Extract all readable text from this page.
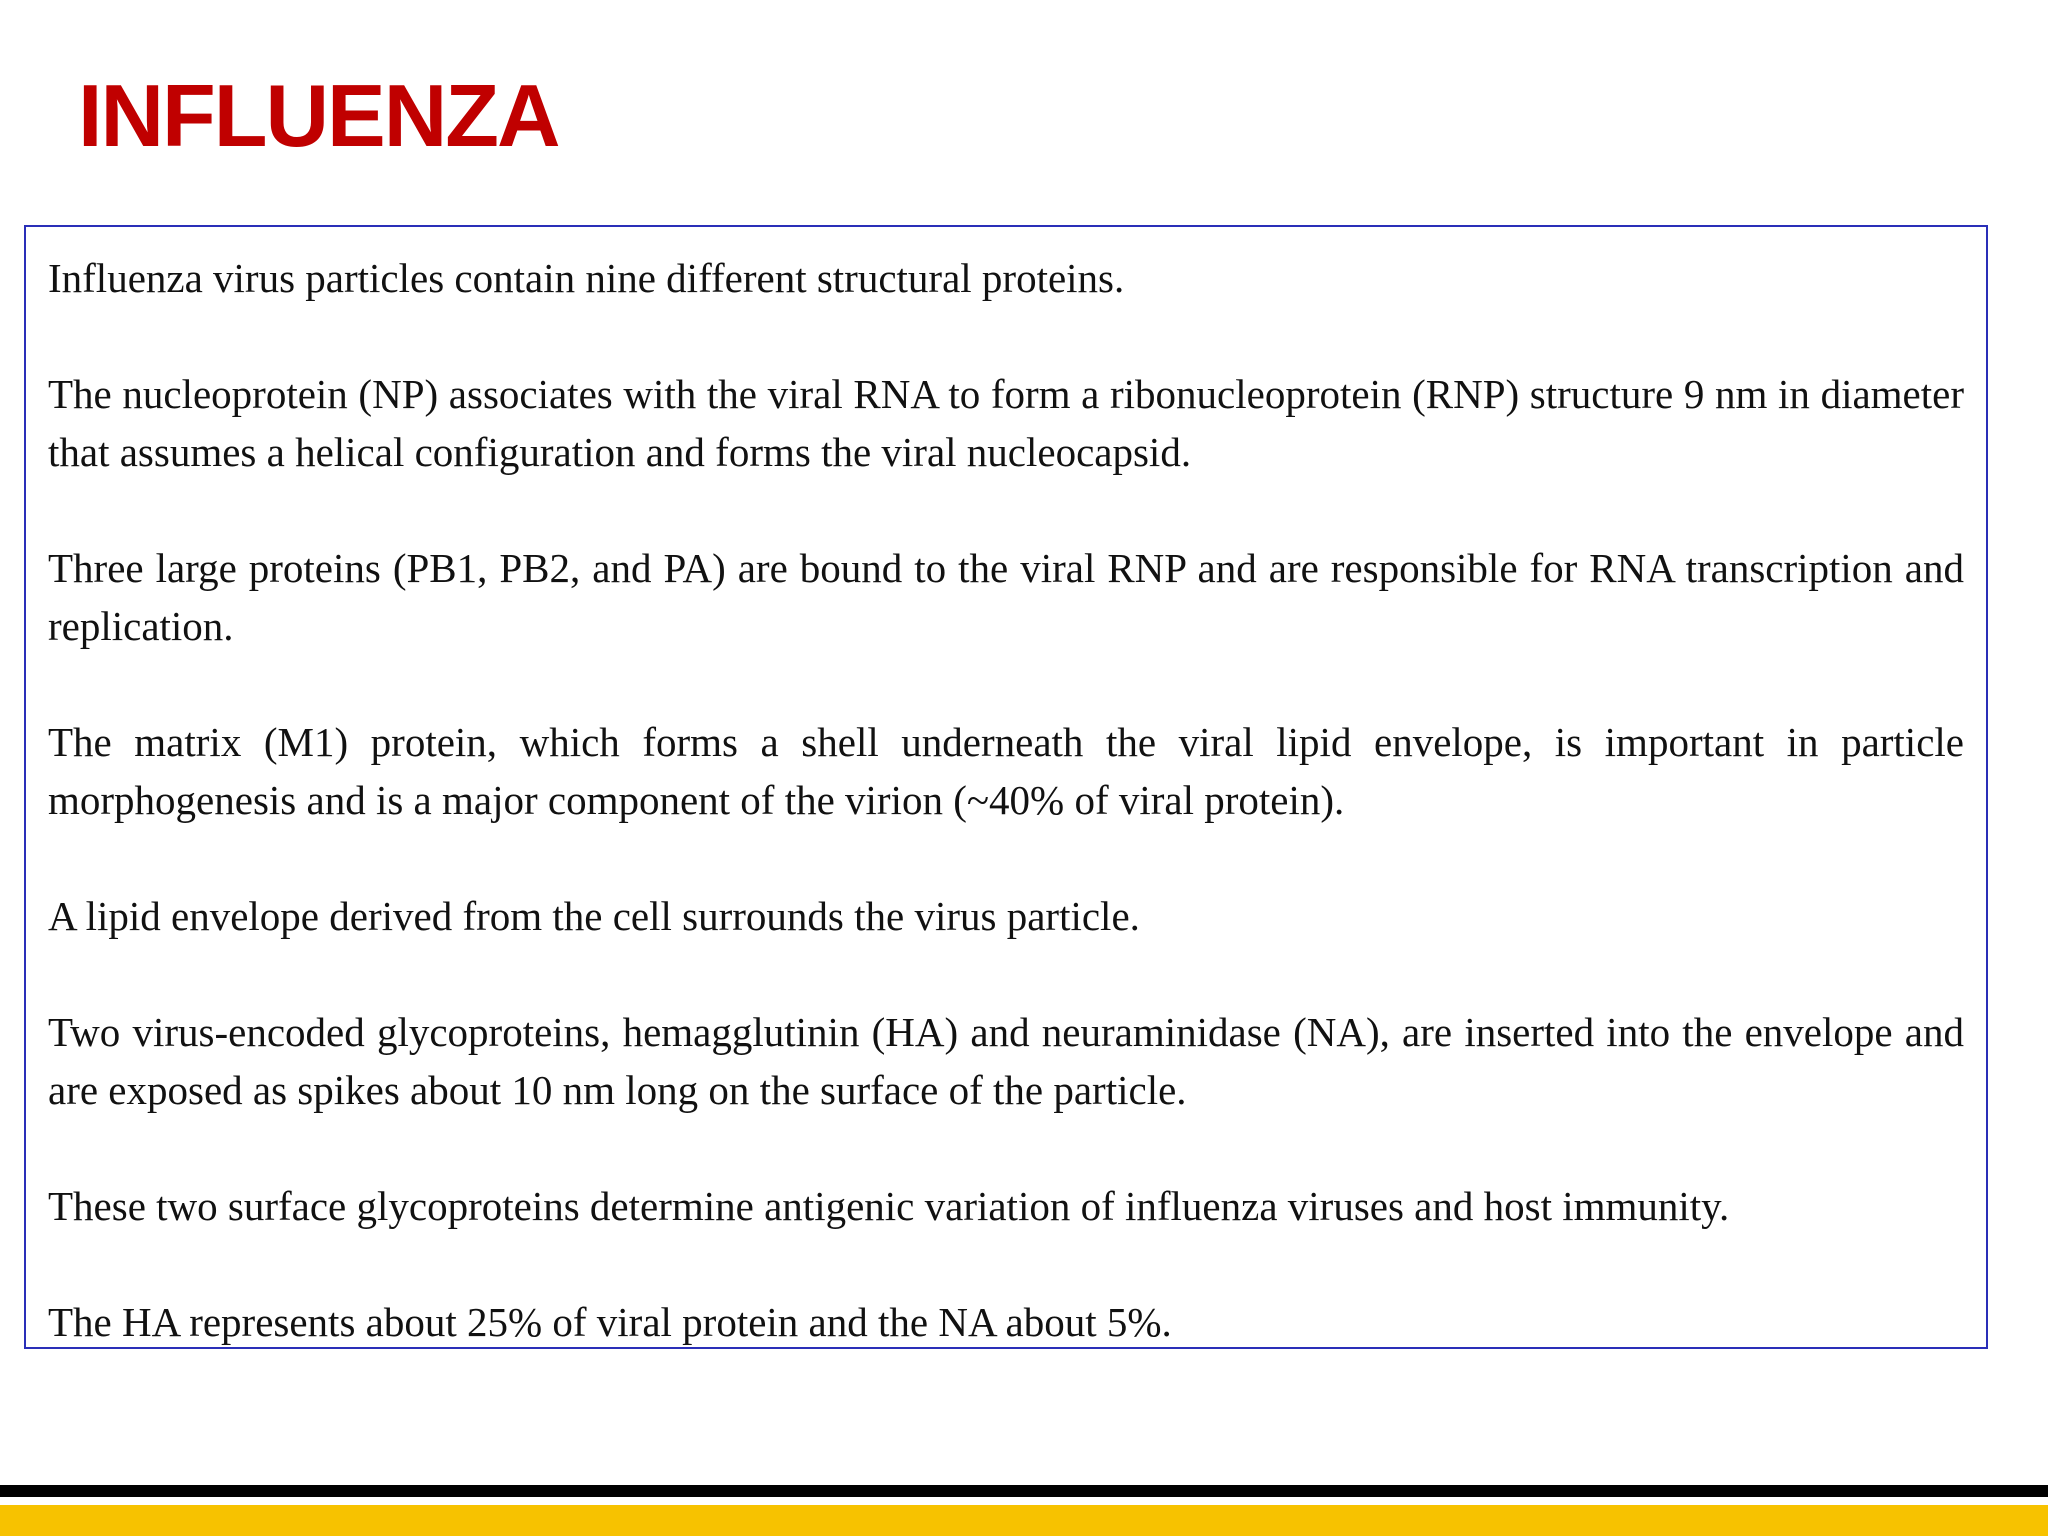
INFLUENZA

Influenza virus particles contain nine different structural proteins.

The nucleoprotein (NP) associates with the viral RNA to form a ribonucleoprotein (RNP) structure 9 nm in diameter that assumes a helical configuration and forms the viral nucleocapsid.

Three large proteins (PB1, PB2, and PA) are bound to the viral RNP and are responsible for RNA transcription and replication.

The matrix (M1) protein, which forms a shell underneath the viral lipid envelope, is important in particle morphogenesis and is a major component of the virion (~40% of viral protein).

A lipid envelope derived from the cell surrounds the virus particle.

Two virus-encoded glycoproteins, hemagglutinin (HA) and neuraminidase (NA), are inserted into the envelope and are exposed as spikes about 10 nm long on the surface of the particle.

These two surface glycoproteins determine antigenic variation of influenza viruses and host immunity.

The HA represents about 25% of viral protein and the NA about 5%.
